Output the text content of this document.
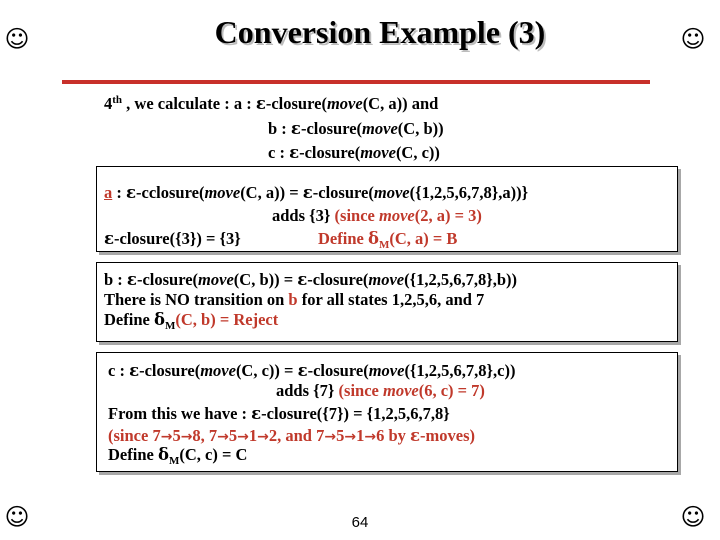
☺	☺
☺	☺
Conversion Example (3)
4th , we calculate : a : ε-closure(move(C, a)) and
b : ε-closure(move(C, b))
c : ε-closure(move(C, c))
a : ε-cclosure(move(C, a)) = ε-closure(move({1,2,5,6,7,8},a))}
adds {3} (since move(2, a) = 3)
ε-closure({3}) = {3}	Define $\delta_M(C$, a) = B
b : ε-closure(move(C, b)) = ε-closure(move({1,2,5,6,7,8},b))
There is NO transition on b for all states 1,2,5,6, and 7
Define $\delta_M(C$, b) = Reject
c : ε-closure(move(C, c)) = ε-closure(move({1,2,5,6,7,8},c))
adds {7} (since move(6, c) = 7)
From this we have : ε-closure({7}) = {1,2,5,6,7,8}
(since 7→5→8, 7→5→1→2, and 7→5→1→6 by ε-moves)
Define $\delta_M(C$, c) = C
64
